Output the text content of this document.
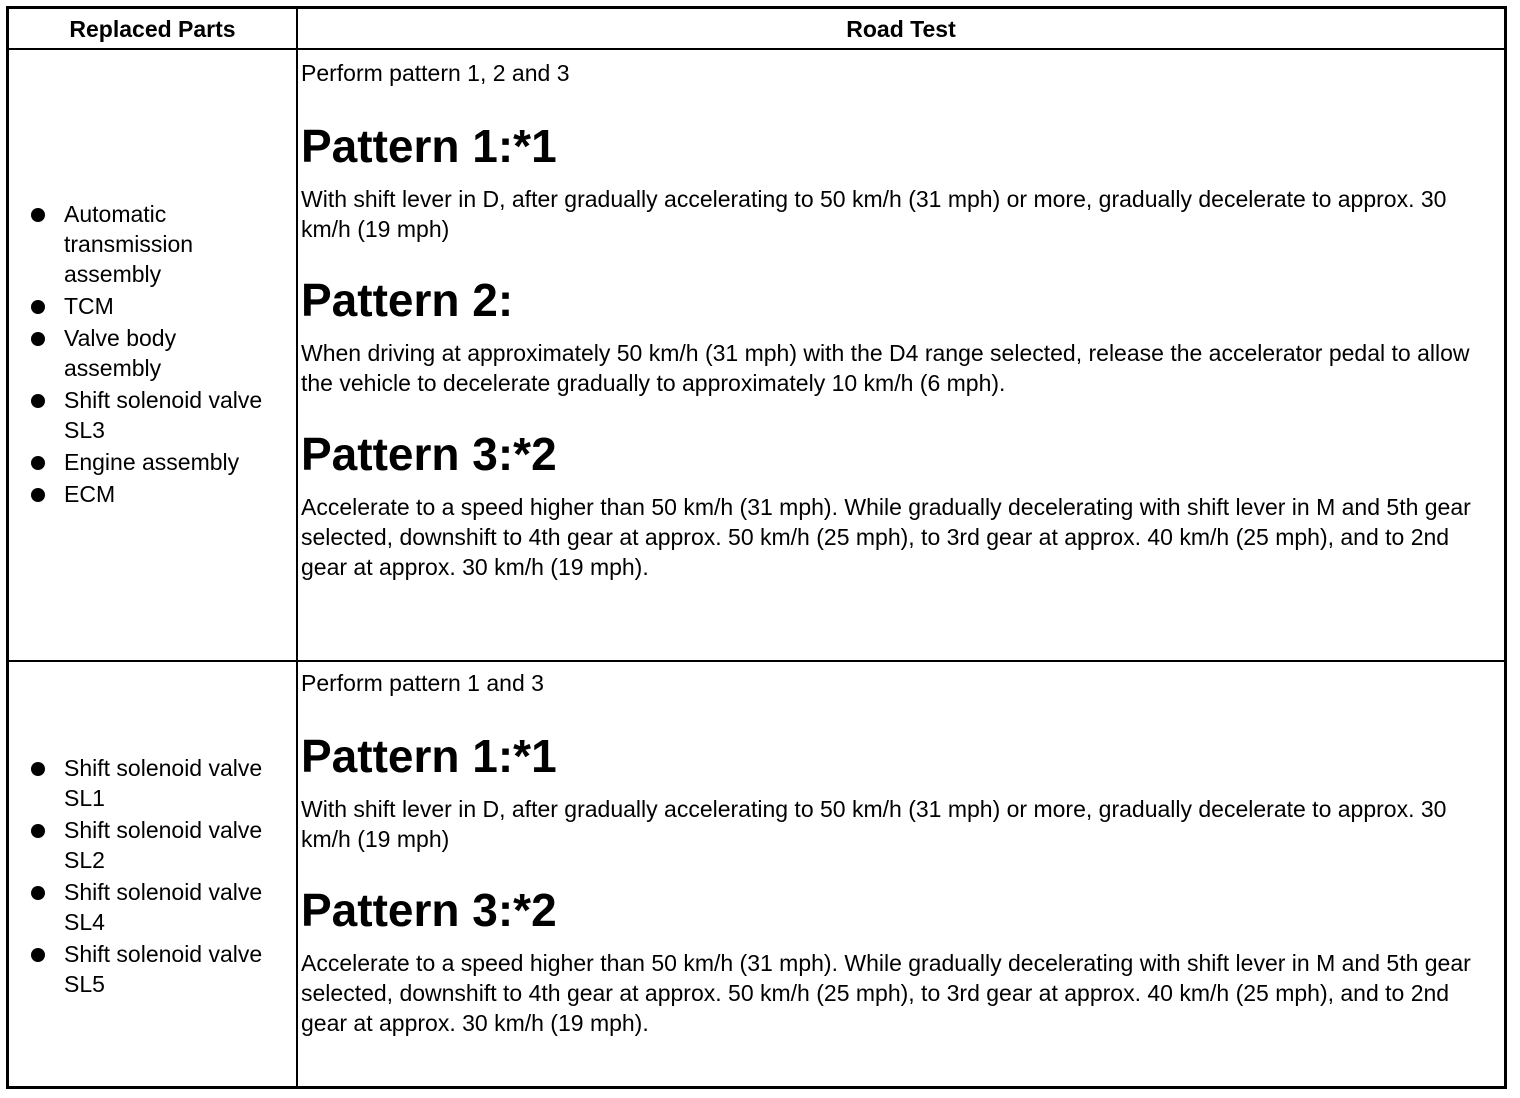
Replaced Parts	Road Test
Automatic transmission assembly
TCM
Valve body assembly
Shift solenoid valve SL3
Engine assembly
ECM

Perform pattern 1, 2 and 3

Pattern 1:*1

With shift lever in D, after gradually accelerating to 50 km/h (31 mph) or more, gradually decelerate to approx. 30 km/h (19 mph)

Pattern 2:

When driving at approximately 50 km/h (31 mph) with the D4 range selected, release the accelerator pedal to allow the vehicle to decelerate gradually to approximately 10 km/h (6 mph).

Pattern 3:*2

Accelerate to a speed higher than 50 km/h (31 mph). While gradually decelerating with shift lever in M and 5th gear selected, downshift to 4th gear at approx. 50 km/h (25 mph), to 3rd gear at approx. 40 km/h (25 mph), and to 2nd gear at approx. 30 km/h (19 mph).

Shift solenoid valve SL1
Shift solenoid valve SL2
Shift solenoid valve SL4
Shift solenoid valve SL5

Perform pattern 1 and 3

Pattern 1:*1

With shift lever in D, after gradually accelerating to 50 km/h (31 mph) or more, gradually decelerate to approx. 30 km/h (19 mph)

Pattern 3:*2

Accelerate to a speed higher than 50 km/h (31 mph). While gradually decelerating with shift lever in M and 5th gear selected, downshift to 4th gear at approx. 50 km/h (25 mph), to 3rd gear at approx. 40 km/h (25 mph), and to 2nd gear at approx. 30 km/h (19 mph).
